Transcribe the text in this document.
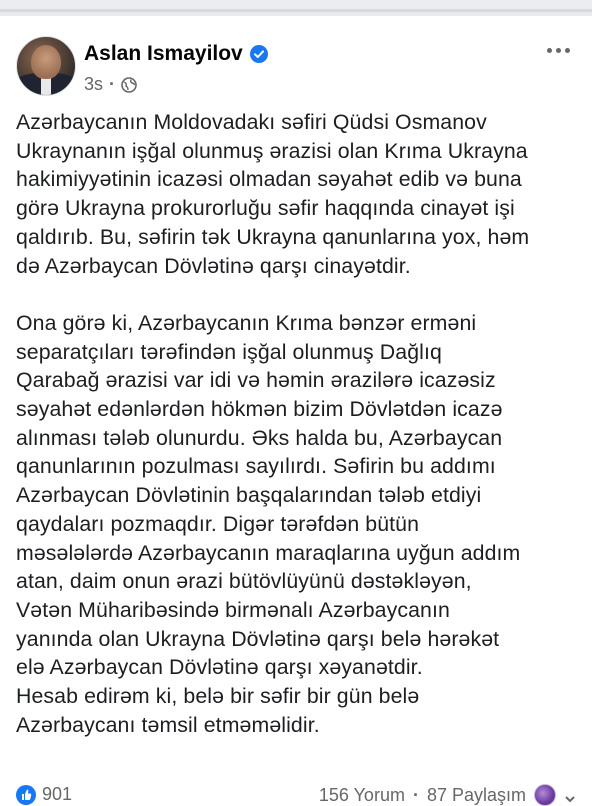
Aslan Ismayilov
3s ·

Azərbaycanın Moldovadakı səfiri Qüdsi Osmanov

Ukraynanın işğal olunmuş ərazisi olan Krıma Ukrayna

hakimiyyətinin icazəsi olmadan səyahət edib və buna

görə Ukrayna prokurorluğu səfir haqqında cinayət işi

qaldırıb. Bu, səfirin tək Ukrayna qanunlarına yox, həm

də Azərbaycan Dövlətinə qarşı cinayətdir.

Ona görə ki, Azərbaycanın Krıma bənzər erməni

separatçıları tərəfindən işğal olunmuş Dağlıq

Qarabağ ərazisi var idi və həmin ərazilərə icazəsiz

səyahət edənlərdən hökmən bizim Dövlətdən icazə

alınması tələb olunurdu. Əks halda bu, Azərbaycan

qanunlarının pozulması sayılırdı. Səfirin bu addımı

Azərbaycan Dövlətinin başqalarından tələb etdiyi

qaydaları pozmaqdır. Digər tərəfdən bütün

məsələlərdə Azərbaycanın maraqlarına uyğun addım

atan, daim onun ərazi bütövlüyünü dəstəkləyən,

Vətən Müharibəsində birmənalı Azərbaycanın

yanında olan Ukrayna Dövlətinə qarşı belə hərəkət

elə Azərbaycan Dövlətinə qarşı xəyanətdir.

Hesab edirəm ki, belə bir səfir bir gün belə

Azərbaycanı təmsil etməməlidir.

901	156 Yorum · 87 Paylaşım
